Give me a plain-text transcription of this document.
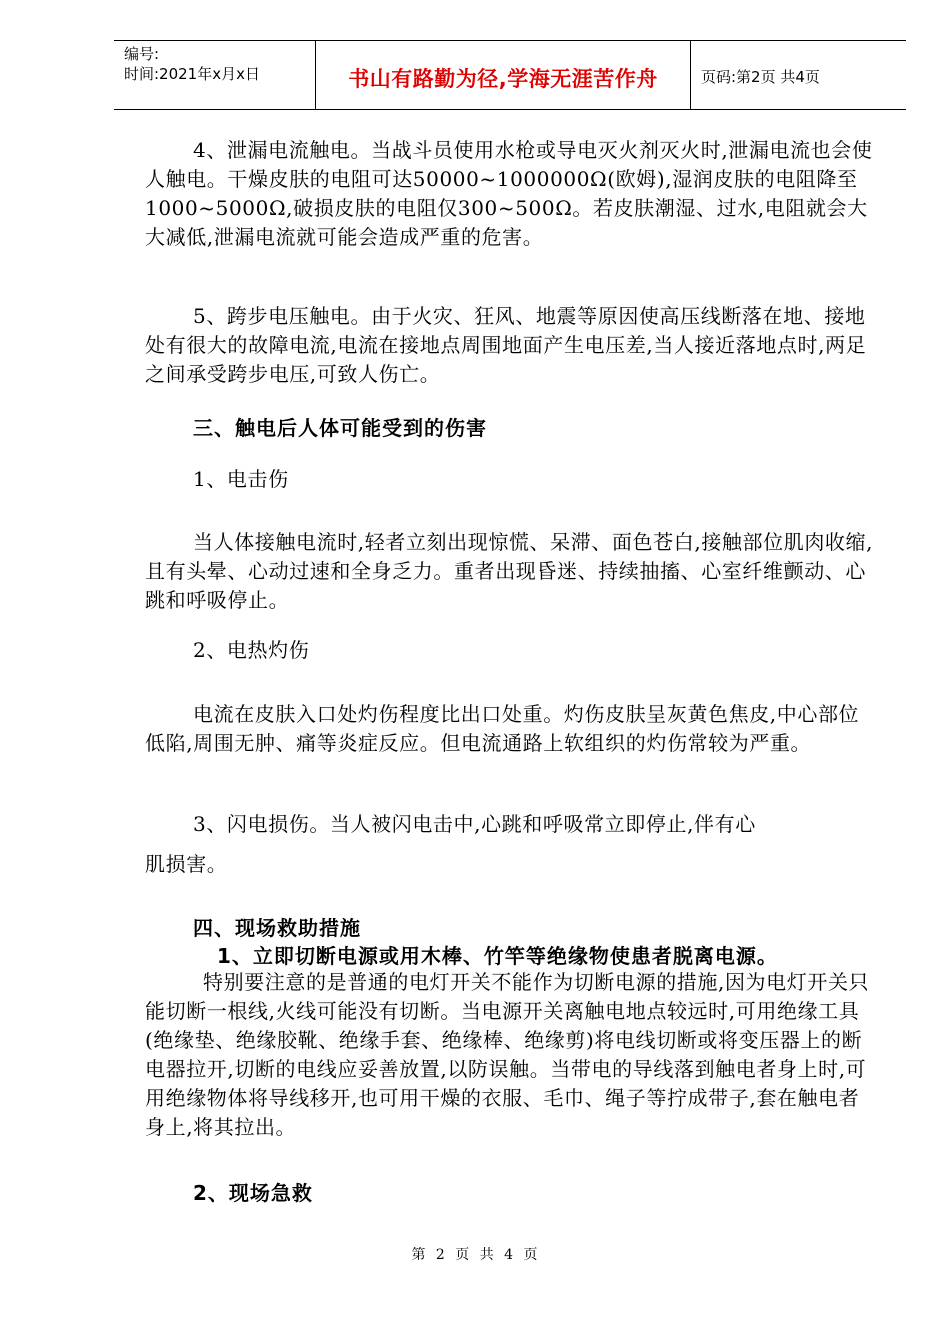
编号:
时间:2021年x月x日	书山有路勤为径,学海无涯苦作舟	页码:第2页 共4页

4、泄漏电流触电。当战斗员使用水枪或导电灭火剂灭火时,泄漏电流也会使人触电。干燥皮肤的电阻可达50000~1000000Ω(欧姆),湿润皮肤的电阻降至1000~5000Ω,破损皮肤的电阻仅300~500Ω。若皮肤潮湿、过水,电阻就会大大减低,泄漏电流就可能会造成严重的危害。

5、跨步电压触电。由于火灾、狂风、地震等原因使高压线断落在地、接地处有很大的故障电流,电流在接地点周围地面产生电压差,当人接近落地点时,两足之间承受跨步电压,可致人伤亡。

三、触电后人体可能受到的伤害

1、电击伤

当人体接触电流时,轻者立刻出现惊慌、呆滞、面色苍白,接触部位肌肉收缩,且有头晕、心动过速和全身乏力。重者出现昏迷、持续抽搐、心室纤维颤动、心跳和呼吸停止。

2、电热灼伤

电流在皮肤入口处灼伤程度比出口处重。灼伤皮肤呈灰黄色焦皮,中心部位低陷,周围无肿、痛等炎症反应。但电流通路上软组织的灼伤常较为严重。

3、闪电损伤。当人被闪电击中,心跳和呼吸常立即停止,伴有心

肌损害。

四、现场救助措施
1、立即切断电源或用木棒、竹竿等绝缘物使患者脱离电源。

特别要注意的是普通的电灯开关不能作为切断电源的措施,因为电灯开关只能切断一根线,火线可能没有切断。当电源开关离触电地点较远时,可用绝缘工具(绝缘垫、绝缘胶靴、绝缘手套、绝缘棒、绝缘剪)将电线切断或将变压器上的断电器拉开,切断的电线应妥善放置,以防误触。当带电的导线落到触电者身上时,可用绝缘物体将导线移开,也可用干燥的衣服、毛巾、绳子等拧成带子,套在触电者身上,将其拉出。

2、现场急救
第 2 页 共 4 页
